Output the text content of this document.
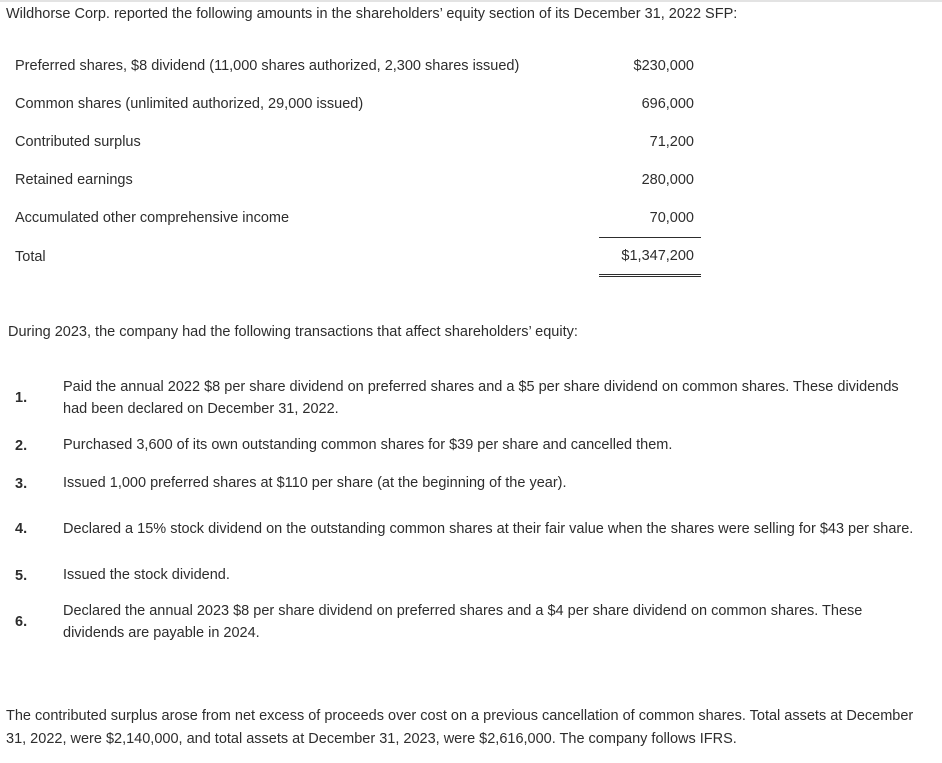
Wildhorse Corp. reported the following amounts in the shareholders’ equity section of its December 31, 2022 SFP:
Preferred shares, $8 dividend (11,000 shares authorized, 2,300 shares issued)	$230,000
Common shares (unlimited authorized, 29,000 issued)	696,000
Contributed surplus	71,200
Retained earnings	280,000
Accumulated other comprehensive income	70,000
Total	$1,347,200
During 2023, the company had the following transactions that affect shareholders’ equity:
1.
Paid the annual 2022 $8 per share dividend on preferred shares and a $5 per share dividend on common shares. These dividends had been declared on December 31, 2022.
2. Purchased 3,600 of its own outstanding common shares for $39 per share and cancelled them.
3. Issued 1,000 preferred shares at $110 per share (at the beginning of the year).
4. Declared a 15% stock dividend on the outstanding common shares at their fair value when the shares were selling for $43 per share.
5. Issued the stock dividend.
6.
Declared the annual 2023 $8 per share dividend on preferred shares and a $4 per share dividend on common shares. These dividends are payable in 2024.
The contributed surplus arose from net excess of proceeds over cost on a previous cancellation of common shares. Total assets at December 31, 2022, were $2,140,000, and total assets at December 31, 2023, were $2,616,000. The company follows IFRS.
